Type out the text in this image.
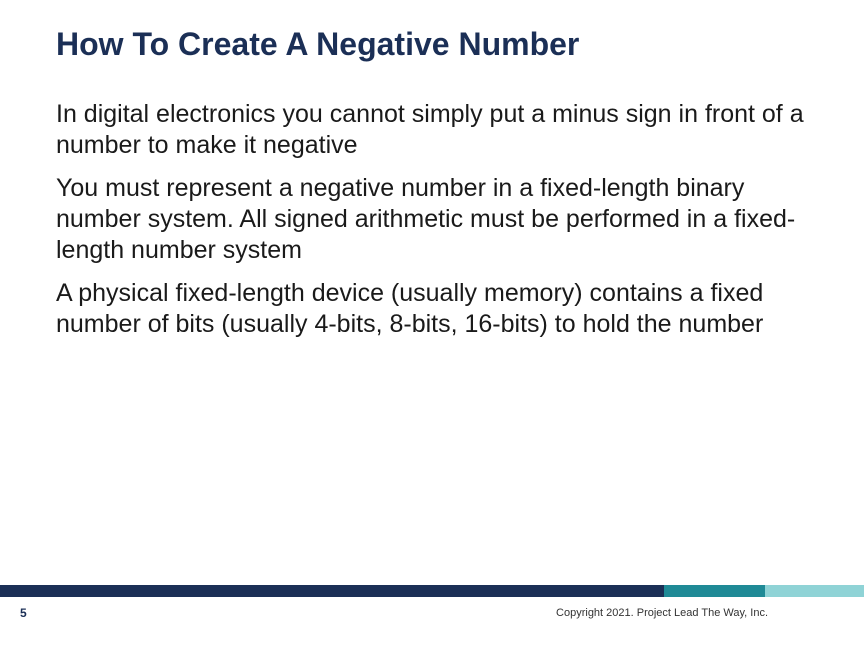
How To Create A Negative Number

In digital electronics you cannot simply put a minus sign in front of a number to make it negative

You must represent a negative number in a fixed-length binary number system. All signed arithmetic must be performed in a fixed-length number system

A physical fixed-length device (usually memory) contains a fixed number of bits (usually 4-bits, 8-bits, 16-bits) to hold the number

5	Copyright 2021. Project Lead The Way, Inc.
